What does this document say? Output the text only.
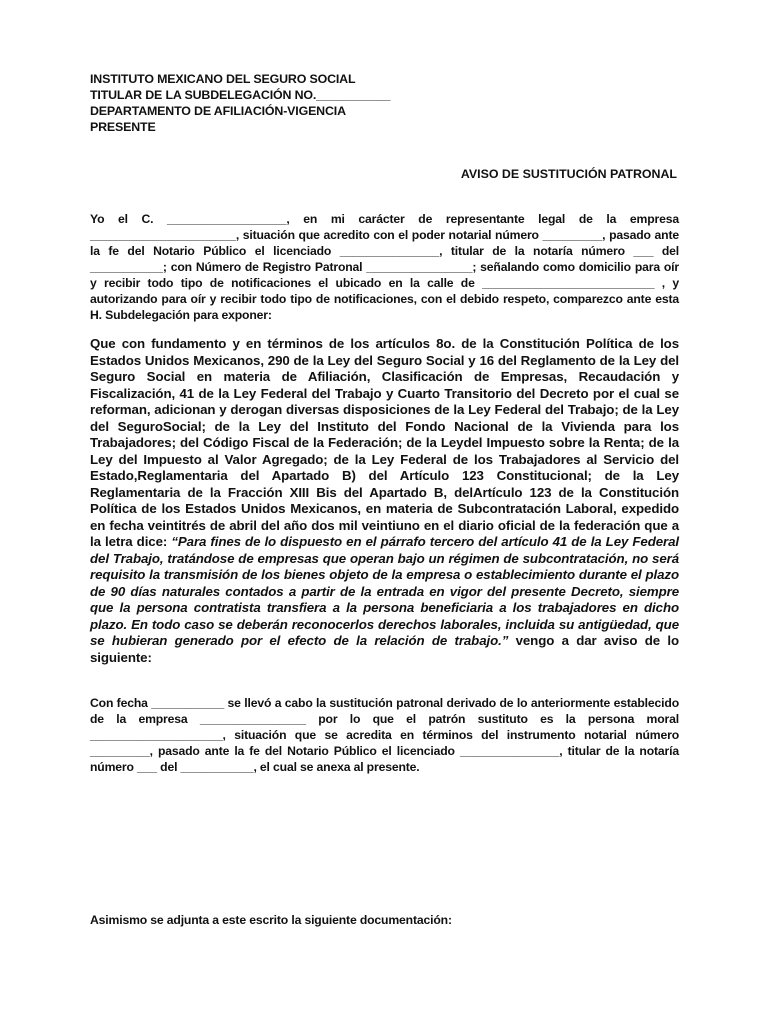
INSTITUTO MEXICANO DEL SEGURO SOCIAL
TITULAR DE LA SUBDELEGACIÓN NO.___________
DEPARTAMENTO DE AFILIACIÓN-VIGENCIA
PRESENTE
AVISO DE SUSTITUCIÓN PATRONAL
Yo el C. __________________, en mi carácter de representante legal de la empresa ______________________, situación que acredito con el poder notarial número _________, pasado ante la fe del Notario Público el licenciado _______________, titular de la notaría número ___ del ___________; con Número de Registro Patronal ________________; señalando como domicilio para oír y recibir todo tipo de notificaciones el ubicado en la calle de __________________________ , y autorizando para oír y recibir todo tipo de notificaciones, con el debido respeto, comparezco ante esta H. Subdelegación para exponer:
Que con fundamento y en términos de los artículos 8o. de la Constitución Política de los Estados Unidos Mexicanos, 290 de la Ley del Seguro Social y 16 del Reglamento de la Ley del Seguro Social en materia de Afiliación, Clasificación de Empresas, Recaudación y Fiscalización, 41 de la Ley Federal del Trabajo y Cuarto Transitorio del Decreto por el cual se reforman, adicionan y derogan diversas disposiciones de la Ley Federal del Trabajo; de la Ley del SeguroSocial; de la Ley del Instituto del Fondo Nacional de la Vivienda para los Trabajadores; del Código Fiscal de la Federación; de la Leydel Impuesto sobre la Renta; de la Ley del Impuesto al Valor Agregado; de la Ley Federal de los Trabajadores al Servicio del Estado,Reglamentaria del Apartado B) del Artículo 123 Constitucional; de la Ley Reglamentaria de la Fracción XIII Bis del Apartado B, delArtículo 123 de la Constitución Política de los Estados Unidos Mexicanos, en materia de Subcontratación Laboral, expedido en fecha veintitrés de abril del año dos mil veintiuno en el diario oficial de la federación que a la letra dice: “Para fines de lo dispuesto en el párrafo tercero del artículo 41 de la Ley Federal del Trabajo, tratándose de empresas que operan bajo un régimen de subcontratación, no será requisito la transmisión de los bienes objeto de la empresa o establecimiento durante el plazo de 90 días naturales contados a partir de la entrada en vigor del presente Decreto, siempre que la persona contratista transfiera a la persona beneficiaria a los trabajadores en dicho plazo. En todo caso se deberán reconocerlos derechos laborales, incluida su antigüedad, que se hubieran generado por el efecto de la relación de trabajo.” vengo a dar aviso de lo siguiente:
Con fecha ___________ se llevó a cabo la sustitución patronal derivado de lo anteriormente establecido de la empresa ________________ por lo que el patrón sustituto es la persona moral ____________________, situación que se acredita en términos del instrumento notarial número _________, pasado ante la fe del Notario Público el licenciado _______________, titular de la notaría número ___ del ___________, el cual se anexa al presente.
Asimismo se adjunta a este escrito la siguiente documentación:
